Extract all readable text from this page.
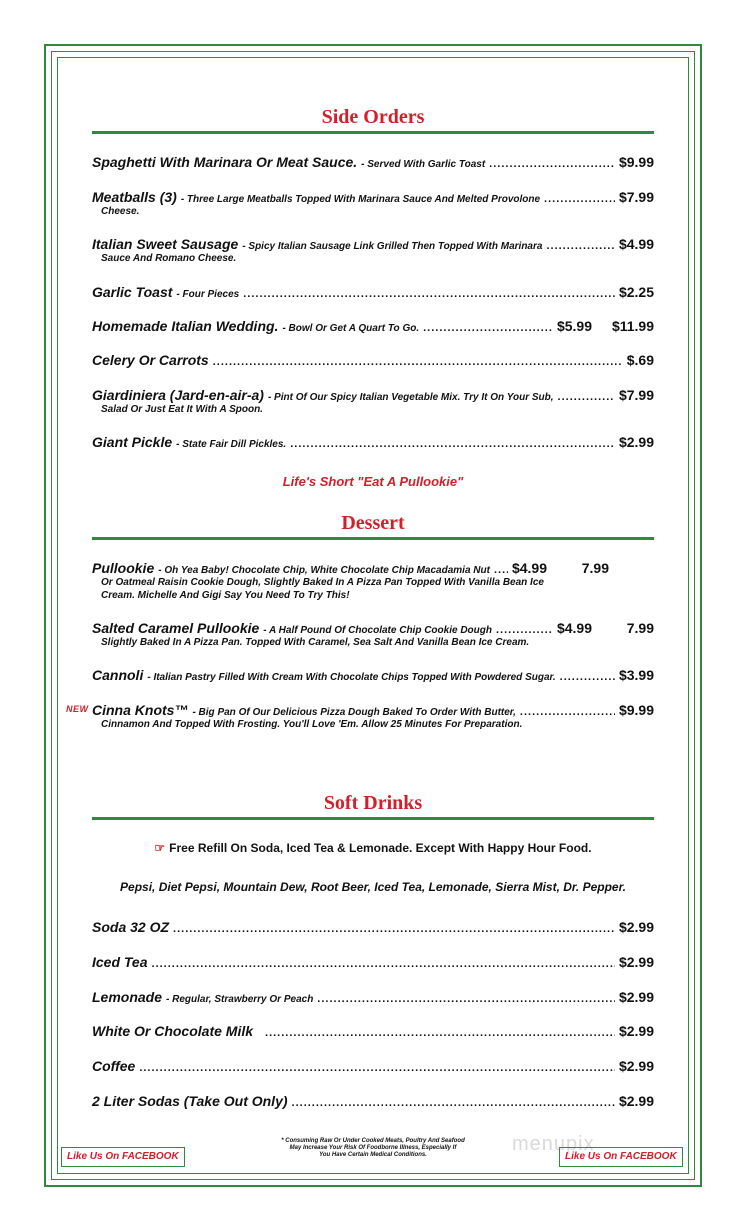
Side Orders
Spaghetti With Marinara Or Meat Sauce. - Served With Garlic Toast .....	$9.99
Meatballs (3) - Three Large Meatballs Topped With Marinara Sauce And Melted Provolone .....	$7.99
Cheese.
Italian Sweet Sausage - Spicy Italian Sausage Link Grilled Then Topped With Marinara .....	$4.99
Sauce And Romano Cheese.
Garlic Toast - Four Pieces .....	$2.25
Homemade Italian Wedding. - Bowl Or Get A Quart To Go. .....	$5.99	$11.99
Celery Or Carrots .....	$.69
Giardiniera (Jard-en-air-a) - Pint Of Our Spicy Italian Vegetable Mix. Try It On Your Sub, .....	$7.99
Salad Or Just Eat It With A Spoon.
Giant Pickle - State Fair Dill Pickles. .....	$2.99
Life's Short "Eat A Pullookie"
Dessert
Pullookie - Oh Yea Baby! Chocolate Chip, White Chocolate Chip Macadamia Nut ..... $4.99	7.99
Or Oatmeal Raisin Cookie Dough, Slightly Baked In A Pizza Pan Topped With Vanilla Bean Ice
Cream. Michelle And Gigi Say You Need To Try This!
Salted Caramel Pullookie - A Half Pound Of Chocolate Chip Cookie Dough .....	$4.99	7.99
Slightly Baked In A Pizza Pan. Topped With Caramel, Sea Salt And Vanilla Bean Ice Cream.
Cannoli - Italian Pastry Filled With Cream With Chocolate Chips Topped With Powdered Sugar. .....	$3.99
NEW Cinna Knots™ - Big Pan Of Our Delicious Pizza Dough Baked To Order With Butter, .....	$9.99
Cinnamon And Topped With Frosting. You'll Love 'Em. Allow 25 Minutes For Preparation.
Soft Drinks
☞ Free Refill On Soda, Iced Tea & Lemonade. Except With Happy Hour Food.
Pepsi, Diet Pepsi, Mountain Dew, Root Beer, Iced Tea, Lemonade, Sierra Mist, Dr. Pepper.
Soda 32 OZ .....	$2.99
Iced Tea .....	$2.99
Lemonade - Regular, Strawberry Or Peach .....	$2.99
White Or Chocolate Milk .....	$2.99
Coffee .....	$2.99
2 Liter Sodas (Take Out Only) .....	$2.99
Like Us On FACEBOOK
* Consuming Raw Or Under Cooked Meats, Poultry And Seafood
May Increase Your Risk Of Foodborne Illness, Especially If
You Have Certain Medical Conditions.	menupix
Like Us On FACEBOOK
